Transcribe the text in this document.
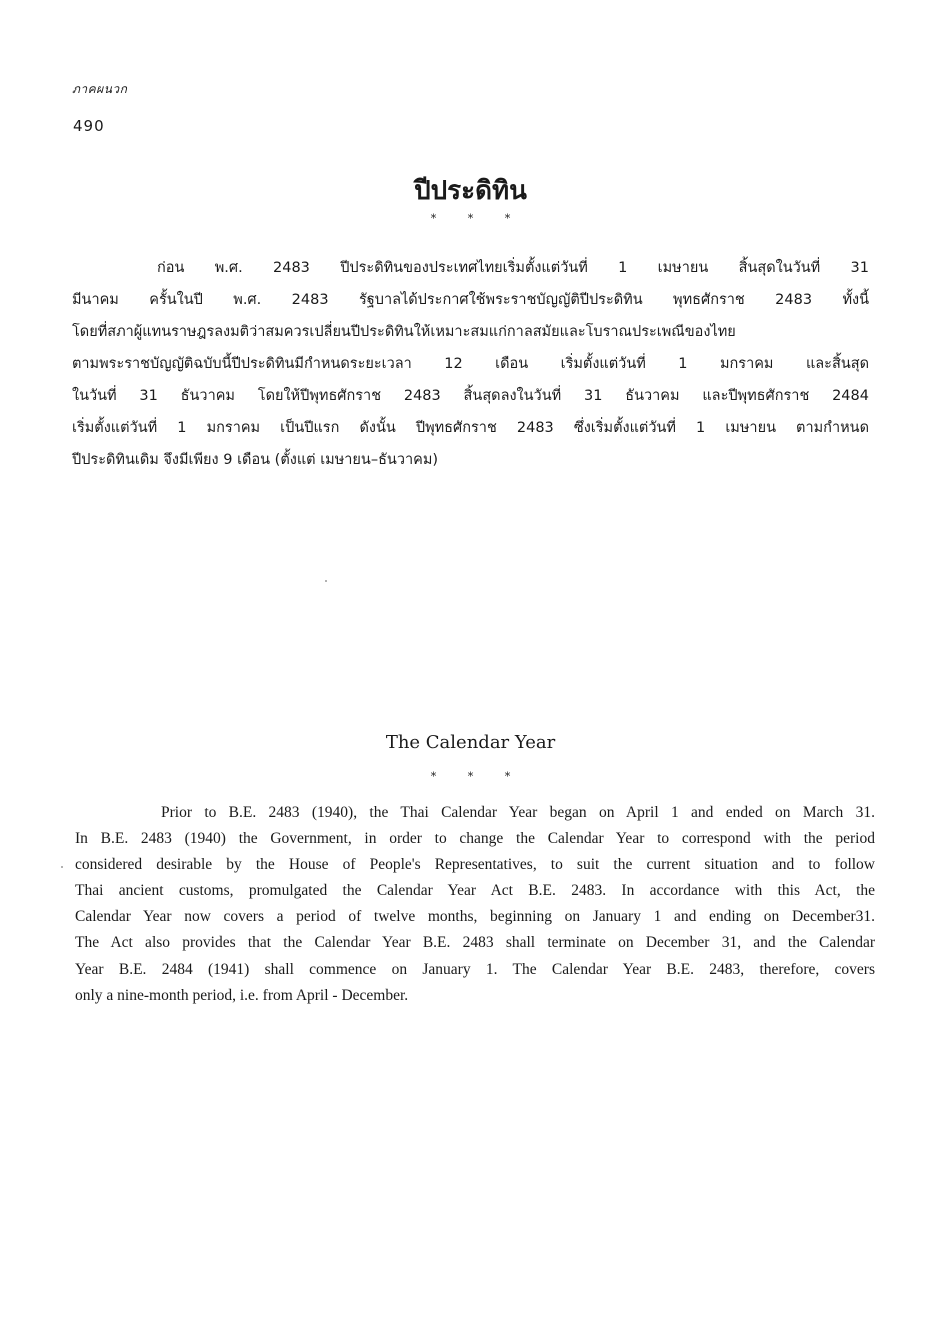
ภาคผนวก
490
ปีประดิทิน
* * *
ก่อน พ.ศ. 2483 ปีประดิทินของประเทศไทยเริ่มตั้งแต่วันที่ 1 เมษายน สิ้นสุดในวันที่ 31
มีนาคม ครั้นในปี พ.ศ. 2483 รัฐบาลได้ประกาศใช้พระราชบัญญัติปีประดิทิน พุทธศักราช 2483 ทั้งนี้
โดยที่สภาผู้แทนราษฎรลงมติว่าสมควรเปลี่ยนปีประดิทินให้เหมาะสมแก่กาลสมัยและโบราณประเพณีของไทย
ตามพระราชบัญญัติฉบับนี้ปีประดิทินมีกำหนดระยะเวลา 12 เดือน เริ่มตั้งแต่วันที่ 1 มกราคม และสิ้นสุด
ในวันที่ 31 ธันวาคม โดยให้ปีพุทธศักราช 2483 สิ้นสุดลงในวันที่ 31 ธันวาคม และปีพุทธศักราช 2484
เริ่มตั้งแต่วันที่ 1 มกราคม เป็นปีแรก ดังนั้น ปีพุทธศักราช 2483 ซึ่งเริ่มตั้งแต่วันที่ 1 เมษายน ตามกำหนด
ปีประดิทินเดิม จึงมีเพียง 9 เดือน (ตั้งแต่ เมษายน–ธันวาคม)
The Calendar Year
* * *
Prior to B.E. 2483 (1940), the Thai Calendar Year began on April 1 and ended on March 31.
In B.E. 2483 (1940) the Government, in order to change the Calendar Year to correspond with the period
considered desirable by the House of People's Representatives, to suit the current situation and to follow
Thai ancient customs, promulgated the Calendar Year Act B.E. 2483. In accordance with this Act, the
Calendar Year now covers a period of twelve months, beginning on January 1 and ending on December31.
The Act also provides that the Calendar Year B.E. 2483 shall terminate on December 31, and the Calendar
Year B.E. 2484 (1941) shall commence on January 1. The Calendar Year B.E. 2483, therefore, covers
only a nine-month period, i.e. from April - December.
